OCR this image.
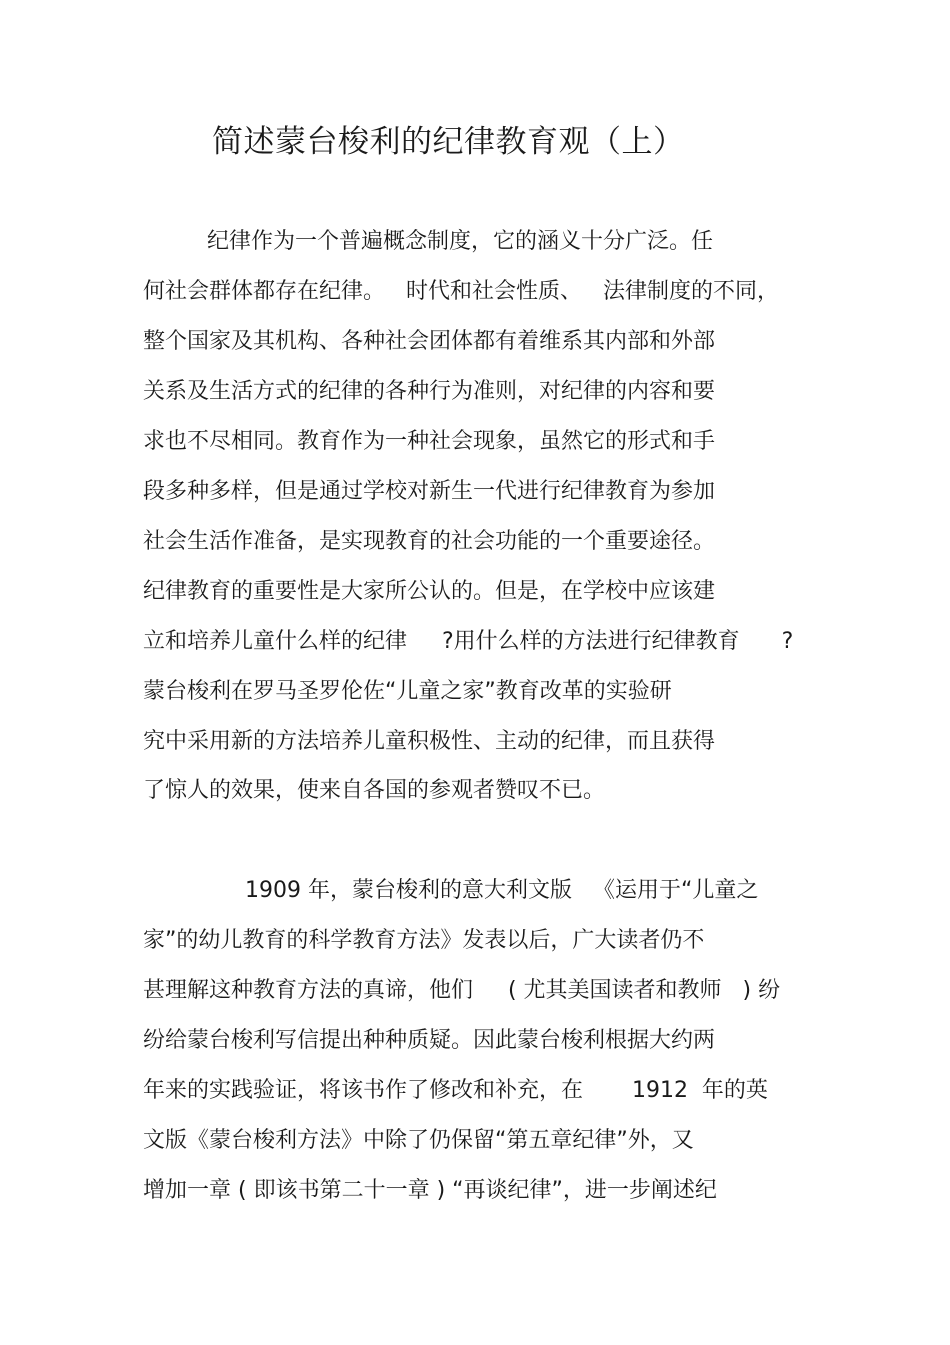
简述蒙台梭利的纪律教育观（上）
纪律作为一个普遍概念制度，它的涵义十分广泛。任
何社会群体都存在纪律。   时代和社会性质、   法律制度的不同，
整个国家及其机构、各种社会团体都有着维系其内部和外部
关系及生活方式的纪律的各种行为准则，对纪律的内容和要
求也不尽相同。教育作为一种社会现象，虽然它的形式和手
段多种多样，但是通过学校对新生一代进行纪律教育为参加
社会生活作准备，是实现教育的社会功能的一个重要途径。
纪律教育的重要性是大家所公认的。但是，在学校中应该建
立和培养儿童什么样的纪律     ?用什么样的方法进行纪律教育      ?
蒙台梭利在罗马圣罗伦佐“儿童之家”教育改革的实验研
究中采用新的方法培养儿童积极性、主动的纪律，而且获得
了惊人的效果，使来自各国的参观者赞叹不已。
1909 年，蒙台梭利的意大利文版   《运用于“儿童之
家”的幼儿教育的科学教育方法》发表以后，广大读者仍不
甚理解这种教育方法的真谛，他们     ( 尤其美国读者和教师   ) 纷
纷给蒙台梭利写信提出种种质疑。因此蒙台梭利根据大约两
年来的实践验证，将该书作了修改和补充，在       1912  年的英
文版《蒙台梭利方法》中除了仍保留“第五章纪律”外，又
增加一章 ( 即该书第二十一章 ) “再谈纪律”，进一步阐述纪
